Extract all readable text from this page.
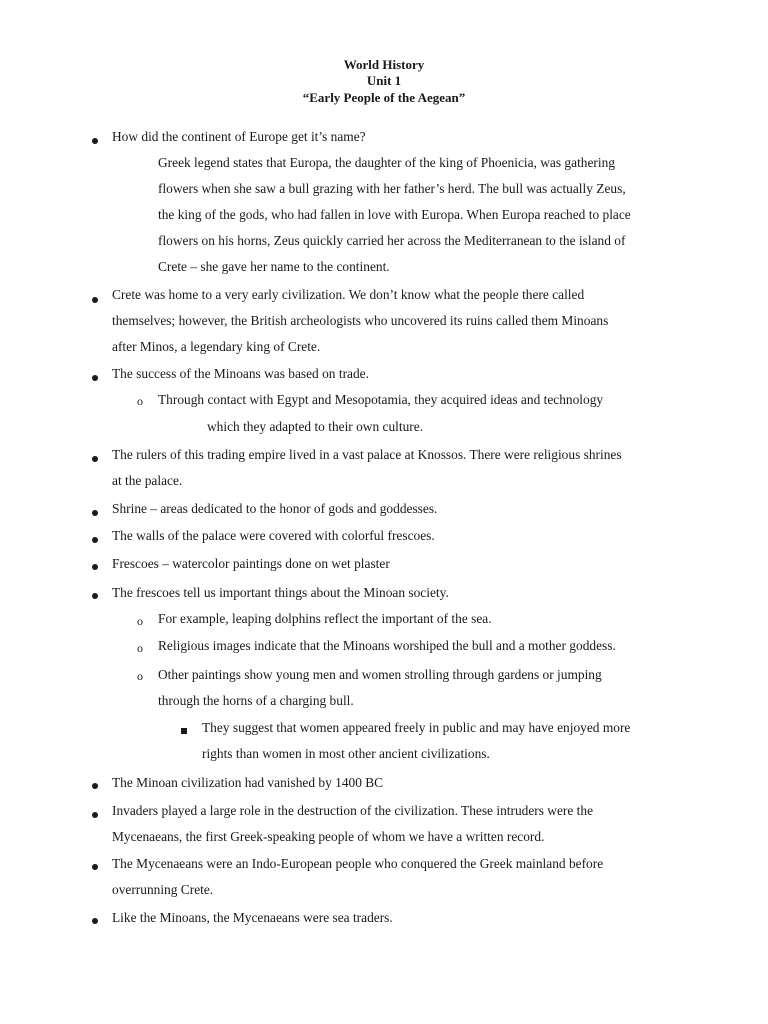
World History
Unit 1
“Early People of the Aegean”
o
o
o
o
How did the continent of Europe get it’s name?
Greek legend states that Europa, the daughter of the king of Phoenicia, was gathering
flowers when she saw a bull grazing with her father’s herd. The bull was actually Zeus,
the king of the gods, who had fallen in love with Europa. When Europa reached to place
flowers on his horns, Zeus quickly carried her across the Mediterranean to the island of
Crete – she gave her name to the continent.
Crete was home to a very early civilization. We don’t know what the people there called
themselves; however, the British archeologists who uncovered its ruins called them Minoans
after Minos, a legendary king of Crete.
The success of the Minoans was based on trade.
Through contact with Egypt and Mesopotamia, they acquired ideas and technology
which they adapted to their own culture.
The rulers of this trading empire lived in a vast palace at Knossos. There were religious shrines
at the palace.
Shrine – areas dedicated to the honor of gods and goddesses.
The walls of the palace were covered with colorful frescoes.
Frescoes – watercolor paintings done on wet plaster
The frescoes tell us important things about the Minoan society.
For example, leaping dolphins reflect the important of the sea.
Religious images indicate that the Minoans worshiped the bull and a mother goddess.
Other paintings show young men and women strolling through gardens or jumping
through the horns of a charging bull.
They suggest that women appeared freely in public and may have enjoyed more
rights than women in most other ancient civilizations.
The Minoan civilization had vanished by 1400 BC
Invaders played a large role in the destruction of the civilization. These intruders were the
Mycenaeans, the first Greek-speaking people of whom we have a written record.
The Mycenaeans were an Indo-European people who conquered the Greek mainland before
overrunning Crete.
Like the Minoans, the Mycenaeans were sea traders.
